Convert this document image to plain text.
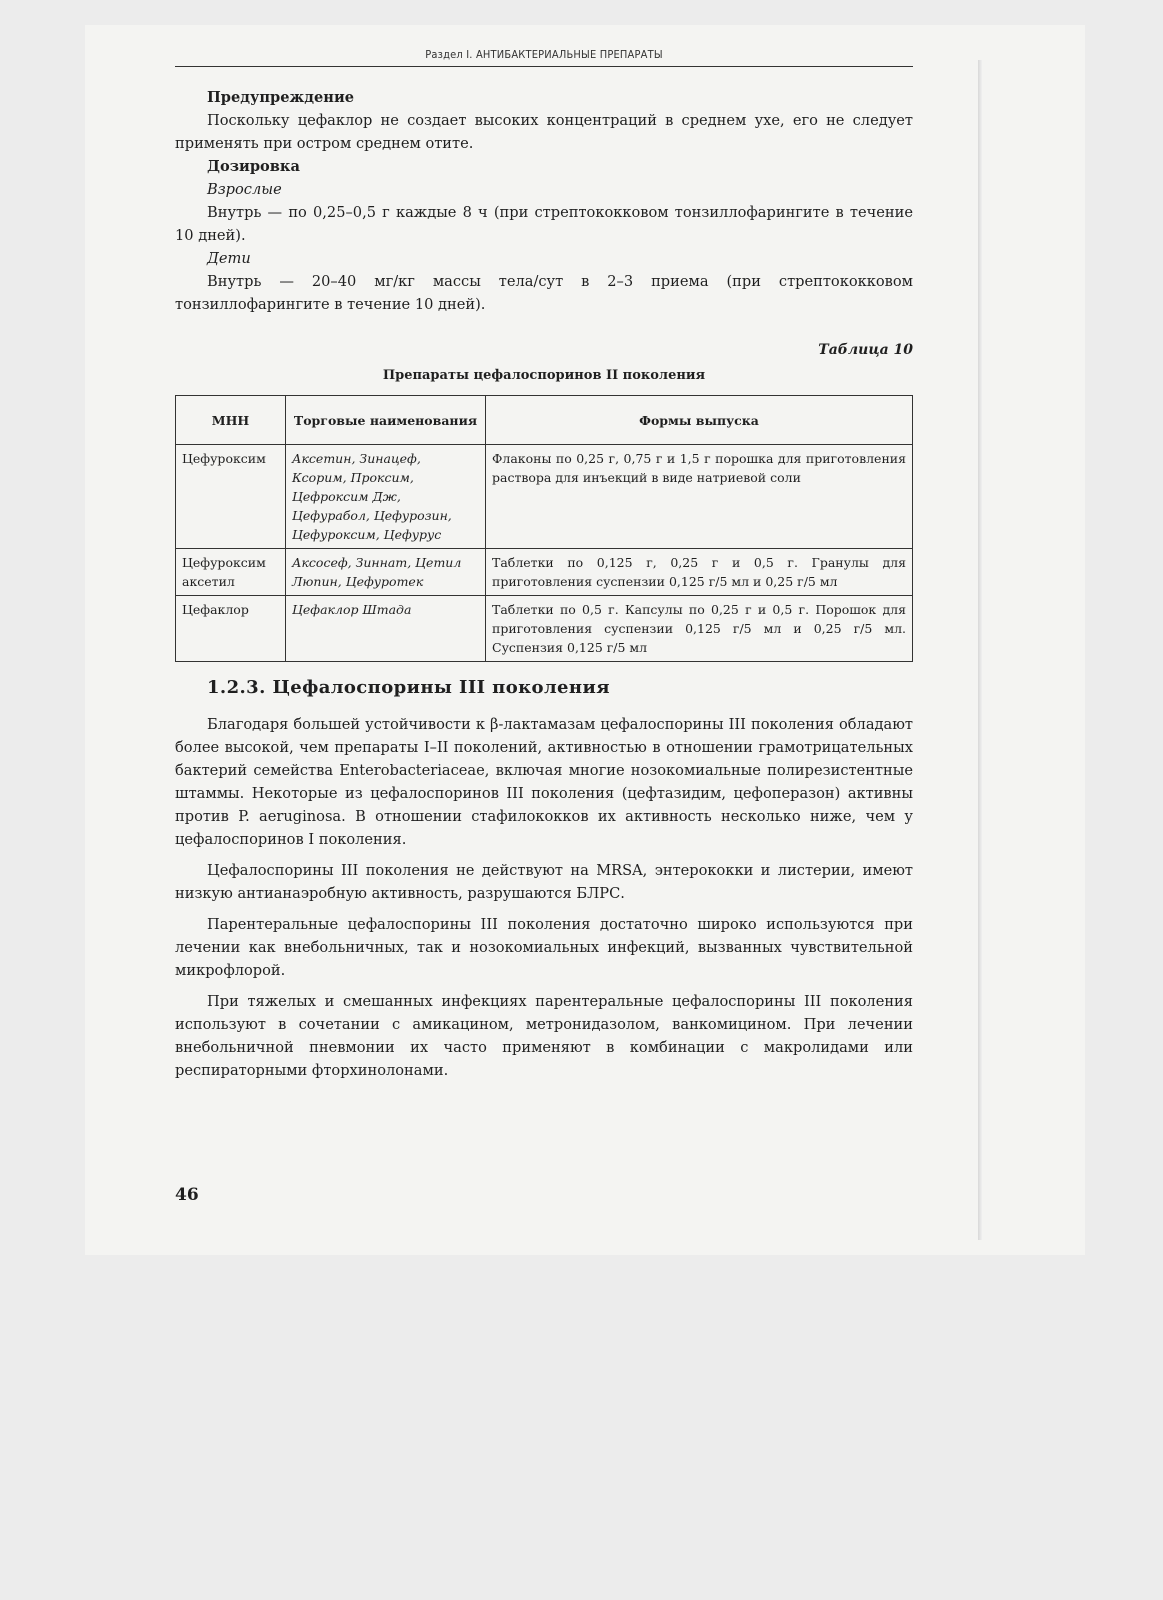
Раздел I. АНТИБАКТЕРИАЛЬНЫЕ ПРЕПАРАТЫ
Предупреждение

Поскольку цефаклор не создает высоких концентраций в среднем ухе, его не следует применять при остром среднем отите.

Дозировка
Взрослые

Внутрь — по 0,25–0,5 г каждые 8 ч (при стрептококковом тонзиллофарингите в течение 10 дней).

Дети

Внутрь — 20–40 мг/кг массы тела/сут в 2–3 приема (при стрептококковом тонзиллофарингите в течение 10 дней).

Таблица 10
Препараты цефалоспоринов II поколения
МНН	Торговые наименования	Формы выпуска
Цефуроксим	Аксетин, Зинацеф, Ксорим, Проксим, Цефроксим Дж, Цефурабол, Цефурозин, Цефуроксим, Цефурус	Флаконы по 0,25 г, 0,75 г и 1,5 г порошка для приготовления раствора для инъекций в виде натриевой соли
Цефуроксим аксетил	Аксосеф, Зиннат, Цетил Люпин, Цефуротек	Таблетки по 0,125 г, 0,25 г и 0,5 г. Гранулы для приготовления суспензии 0,125 г/5 мл и 0,25 г/5 мл
Цефаклор	Цефаклор Штада	Таблетки по 0,5 г. Капсулы по 0,25 г и 0,5 г. Порошок для приготовления суспензии 0,125 г/5 мл и 0,25 г/5 мл. Суспензия 0,125 г/5 мл
1.2.3. Цефалоспорины III поколения

Благодаря большей устойчивости к β-лактамазам цефалоспорины III поколения обладают более высокой, чем препараты I–II поколений, активностью в отношении грамотрицательных бактерий семейства Enterobacteriaceae, включая многие нозокомиальные полирезистентные штаммы. Некоторые из цефалоспоринов III поколения (цефтазидим, цефоперазон) активны против P. aeruginosa. В отношении стафилококков их активность несколько ниже, чем у цефалоспоринов I поколения.

Цефалоспорины III поколения не действуют на MRSA, энтерококки и листерии, имеют низкую антианаэробную активность, разрушаются БЛРС.

Парентеральные цефалоспорины III поколения достаточно широко используются при лечении как внебольничных, так и нозокомиальных инфекций, вызванных чувствительной микрофлорой.

При тяжелых и смешанных инфекциях парентеральные цефалоспорины III поколения используют в сочетании с амикацином, метронидазолом, ванкомицином. При лечении внебольничной пневмонии их часто применяют в комбинации с макролидами или респираторными фторхинолонами.

46
